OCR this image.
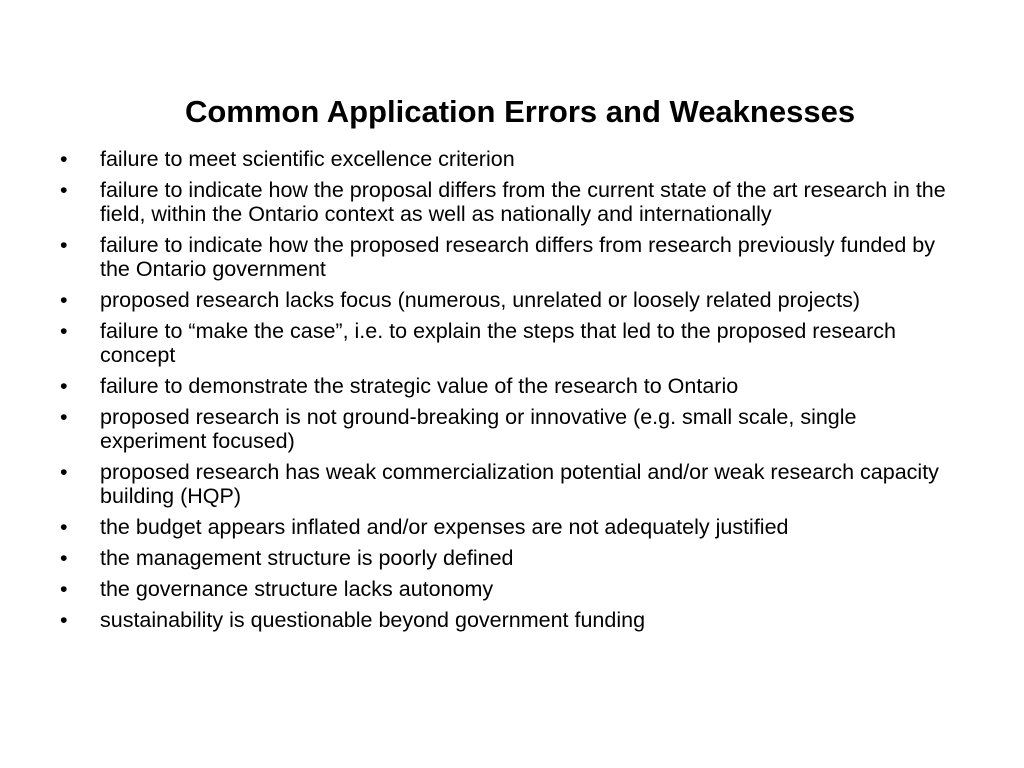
Common Application Errors and Weaknesses
•	failure to meet scientific excellence criterion
•	failure to indicate how the proposal differs from the current state of the art research in the field, within the Ontario context as well as nationally and internationally
•	failure to indicate how the proposed research differs from research previously funded by the Ontario government
•	proposed research lacks focus (numerous, unrelated or loosely related projects)
•	failure to “make the case”, i.e. to explain the steps that led to the proposed research concept
•	failure to demonstrate the strategic value of the research to Ontario
•	proposed research is not ground-breaking or innovative (e.g. small scale, single experiment focused)
•	proposed research has weak commercialization potential and/or weak research capacity building (HQP)
•	the budget appears inflated and/or expenses are not adequately justified
•	the management structure is poorly defined
•	the governance structure lacks autonomy
•	sustainability is questionable beyond government funding
